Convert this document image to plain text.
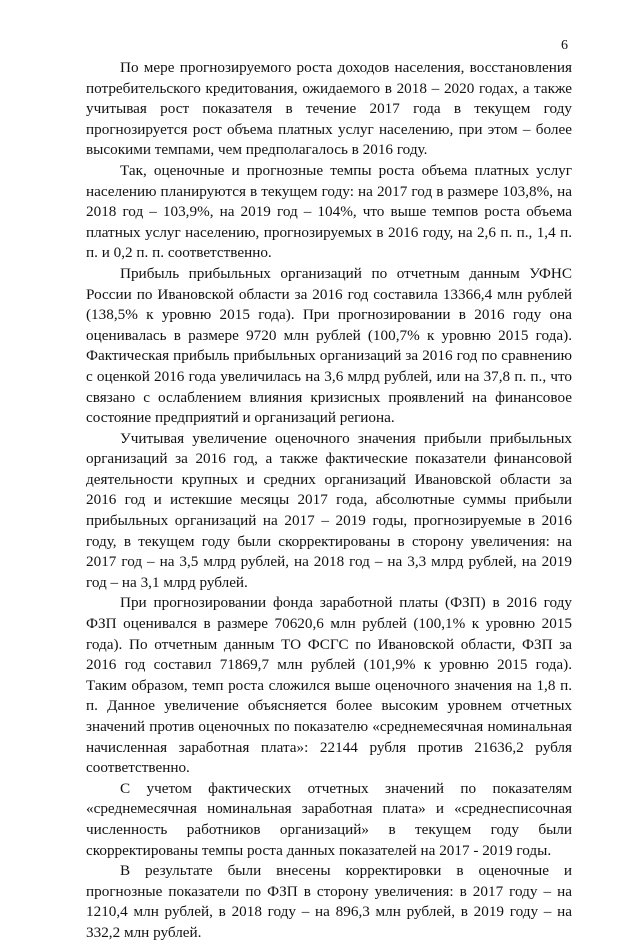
6

По мере прогнозируемого роста доходов населения, восстановления потребительского кредитования, ожидаемого в 2018 – 2020 годах, а также учитывая рост показателя в течение 2017 года в текущем году прогнозируется рост объема платных услуг населению, при этом – более высокими темпами, чем предполагалось в 2016 году.

Так, оценочные и прогнозные темпы роста объема платных услуг населению планируются в текущем году: на 2017 год в размере 103,8%, на 2018 год – 103,9%, на 2019 год – 104%, что выше темпов роста объема платных услуг населению, прогнозируемых в 2016 году, на 2,6 п. п., 1,4 п. п. и 0,2 п. п. соответственно.

Прибыль прибыльных организаций по отчетным данным УФНС России по Ивановской области за 2016 год составила 13366,4 млн рублей (138,5% к уровню 2015 года). При прогнозировании в 2016 году она оценивалась в размере 9720 млн рублей (100,7% к уровню 2015 года). Фактическая прибыль прибыльных организаций за 2016 год по сравнению с оценкой 2016 года увеличилась на 3,6 млрд рублей, или на 37,8 п. п., что связано с ослаблением влияния кризисных проявлений на финансовое состояние предприятий и организаций региона.

Учитывая увеличение оценочного значения прибыли прибыльных организаций за 2016 год, а также фактические показатели финансовой деятельности крупных и средних организаций Ивановской области за 2016 год и истекшие месяцы 2017 года, абсолютные суммы прибыли прибыльных организаций на 2017 – 2019 годы, прогнозируемые в 2016 году, в текущем году были скорректированы в сторону увеличения: на 2017 год – на 3,5 млрд рублей, на 2018 год – на 3,3 млрд рублей, на 2019 год – на 3,1 млрд рублей.

При прогнозировании фонда заработной платы (ФЗП) в 2016 году ФЗП оценивался в размере 70620,6 млн рублей (100,1% к уровню 2015 года). По отчетным данным ТО ФСГС по Ивановской области, ФЗП за 2016 год составил 71869,7 млн рублей (101,9% к уровню 2015 года). Таким образом, темп роста сложился выше оценочного значения на 1,8 п. п. Данное увеличение объясняется более высоким уровнем отчетных значений против оценочных по показателю «среднемесячная номинальная начисленная заработная плата»: 22144 рубля против 21636,2 рубля соответственно.

С учетом фактических отчетных значений по показателям «среднемесячная номинальная заработная плата» и «среднесписочная численность работников организаций» в текущем году были скорректированы темпы роста данных показателей на 2017 - 2019 годы.

В результате были внесены корректировки в оценочные и прогнозные показатели по ФЗП в сторону увеличения: в 2017 году – на 1210,4 млн рублей, в 2018 году – на 896,3 млн рублей, в 2019 году – на 332,2 млн рублей.
